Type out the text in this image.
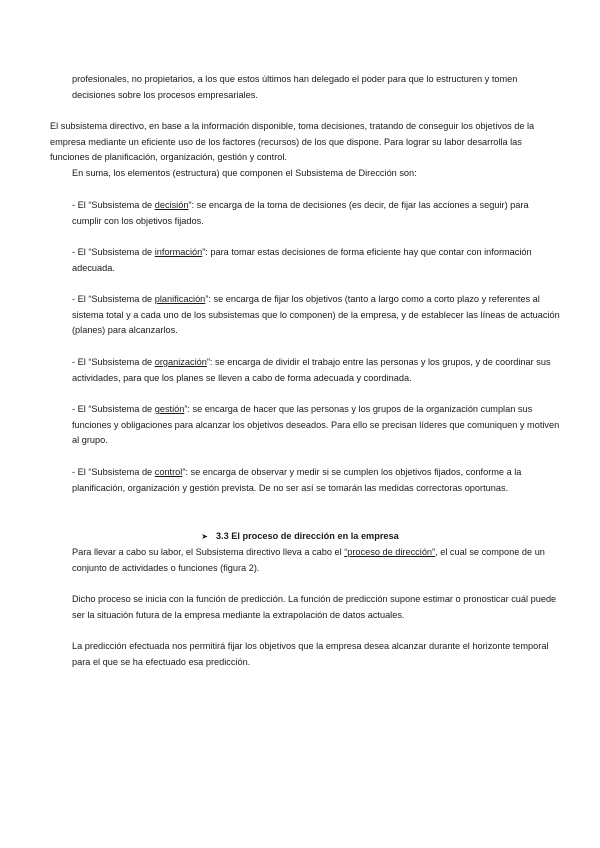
profesionales, no propietarios, a los que estos últimos han delegado el poder para que lo estructuren y tomen decisiones sobre los procesos empresariales.

El subsistema directivo, en base a la información disponible, toma decisiones, tratando de conseguir los objetivos de la empresa mediante un eficiente uso de los factores (recursos) de los que dispone. Para lograr su labor desarrolla las funciones de planificación, organización, gestión y control.

En suma, los elementos (estructura) que componen el Subsistema de Dirección son:

- El “Subsistema de decisión”: se encarga de la toma de decisiones (es decir, de fijar las acciones a seguir) para cumplir con los objetivos fijados.

- El “Subsistema de información”: para tomar estas decisiones de forma eficiente hay que contar con información adecuada.

- El “Subsistema de planificación”: se encarga de fijar los objetivos (tanto a largo como a corto plazo y referentes al sistema total y a cada uno de los subsistemas que lo componen) de la empresa, y de establecer las líneas de actuación (planes) para alcanzarlos.

- El “Subsistema de organización”: se encarga de dividir el trabajo entre las personas y los grupos, y de coordinar sus actividades, para que los planes se lleven a cabo de forma adecuada y coordinada.

- El “Subsistema de gestión”: se encarga de hacer que las personas y los grupos de la organización cumplan sus funciones y obligaciones para alcanzar los objetivos deseados. Para ello se precisan líderes que comuniquen y motiven al grupo.

- El “Subsistema de control”: se encarga de observar y medir si se cumplen los objetivos fijados, conforme a la planificación, organización y gestión prevista. De no ser así se tomarán las medidas correctoras oportunas.

➤ 3.3 El proceso de dirección en la empresa

Para llevar a cabo su labor, el Subsistema directivo lleva a cabo el “proceso de dirección”, el cual se compone de un conjunto de actividades o funciones (figura 2).

Dicho proceso se inicia con la función de predicción. La función de predicción supone estimar o pronosticar cuál puede ser la situación futura de la empresa mediante la extrapolación de datos actuales.

La predicción efectuada nos permitirá fijar los objetivos que la empresa desea alcanzar durante el horizonte temporal para el que se ha efectuado esa predicción.
